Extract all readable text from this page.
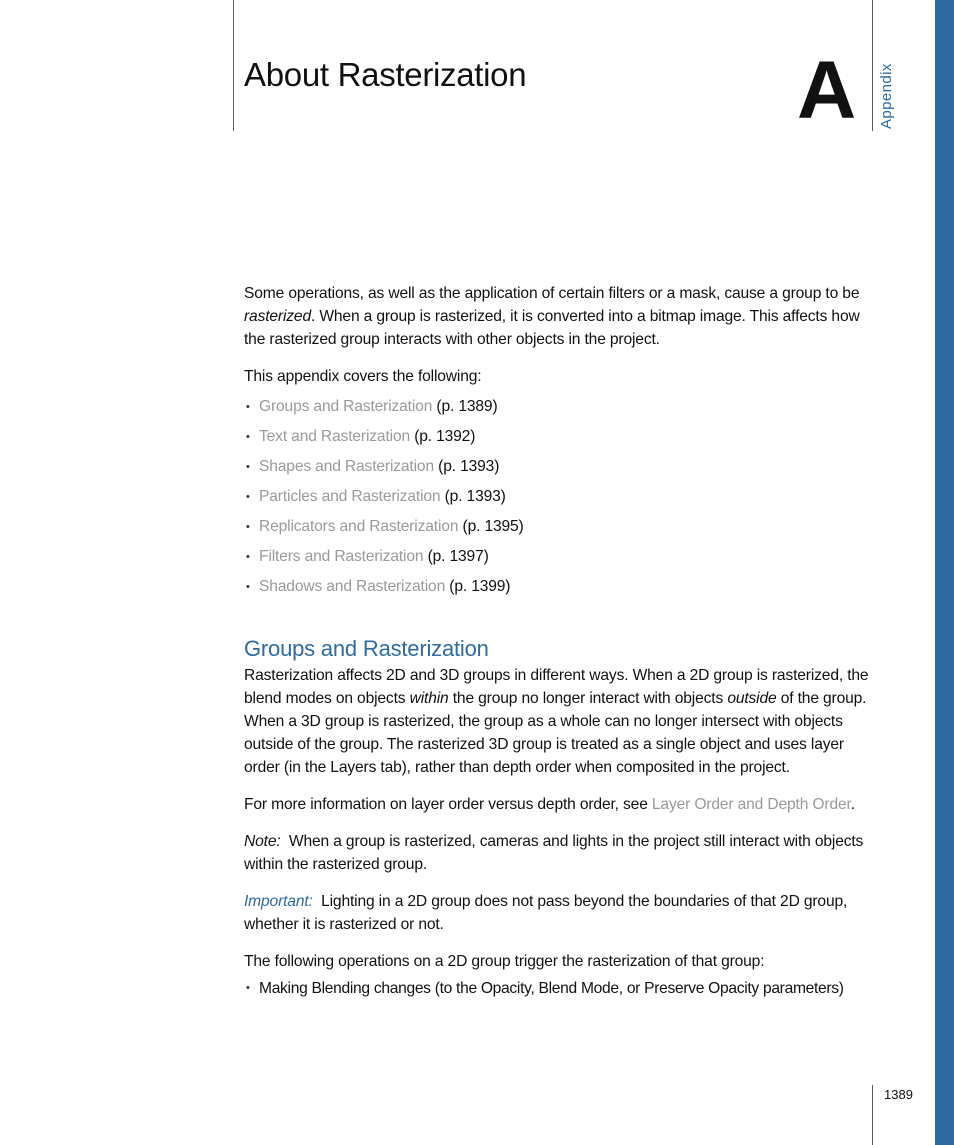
About Rasterization	A Appendix

Some operations, as well as the application of certain filters or a mask, cause a group to be rasterized. When a group is rasterized, it is converted into a bitmap image. This affects how the rasterized group interacts with other objects in the project.

This appendix covers the following:

• Groups and Rasterization (p. 1389)
• Text and Rasterization (p. 1392)
• Shapes and Rasterization (p. 1393)
• Particles and Rasterization (p. 1393)
• Replicators and Rasterization (p. 1395)
• Filters and Rasterization (p. 1397)
• Shadows and Rasterization (p. 1399)
Groups and Rasterization

Rasterization affects 2D and 3D groups in different ways. When a 2D group is rasterized, the blend modes on objects within the group no longer interact with objects outside of the group. When a 3D group is rasterized, the group as a whole can no longer intersect with objects outside of the group. The rasterized 3D group is treated as a single object and uses layer order (in the Layers tab), rather than depth order when composited in the project.

For more information on layer order versus depth order, see Layer Order and Depth Order.

Note: When a group is rasterized, cameras and lights in the project still interact with objects within the rasterized group.

Important: Lighting in a 2D group does not pass beyond the boundaries of that 2D group, whether it is rasterized or not.

The following operations on a 2D group trigger the rasterization of that group:

• Making Blending changes (to the Opacity, Blend Mode, or Preserve Opacity parameters)
1389
